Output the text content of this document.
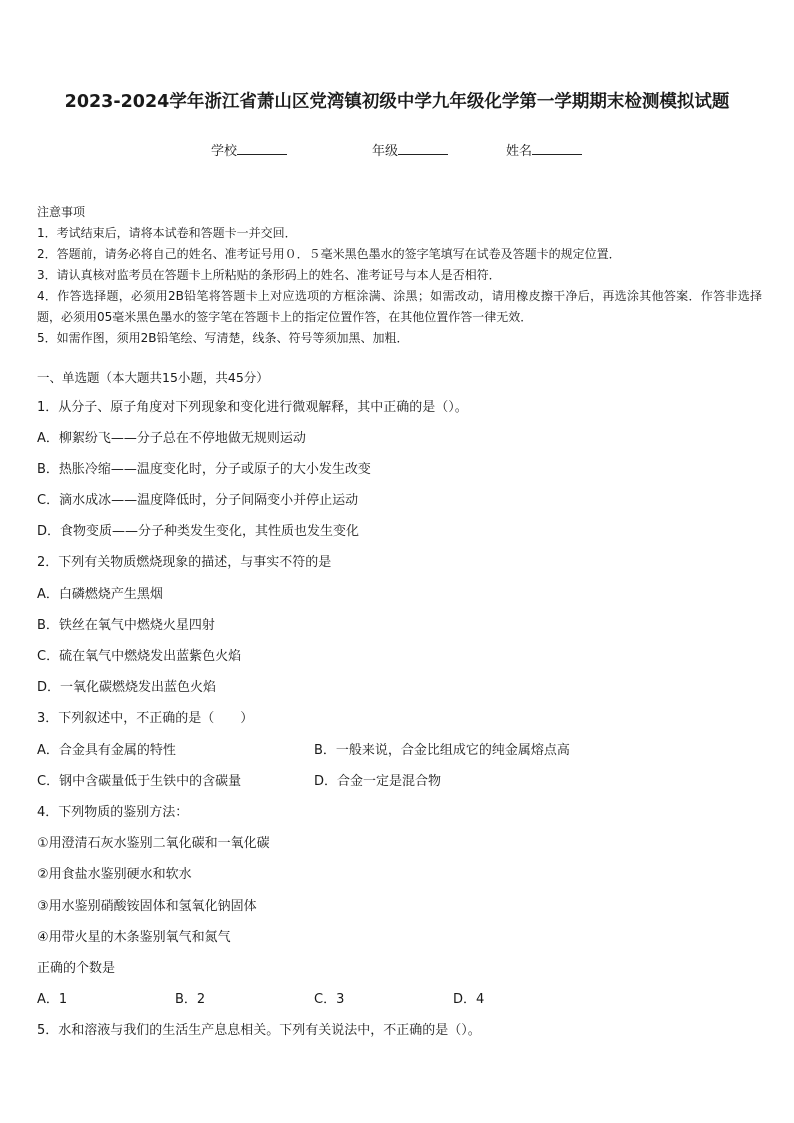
2023-2024学年浙江省萧山区党湾镇初级中学九年级化学第一学期期末检测模拟试题
学校	年级	姓名
注意事项
1．考试结束后，请将本试卷和答题卡一并交回．
2．答题前，请务必将自己的姓名、准考证号用０．５毫米黑色墨水的签字笔填写在试卷及答题卡的规定位置．
3．请认真核对监考员在答题卡上所粘贴的条形码上的姓名、准考证号与本人是否相符．
4．作答选择题，必须用2B铅笔将答题卡上对应选项的方框涂满、涂黑；如需改动，请用橡皮擦干净后，再选涂其他答案．作答非选择题，必须用05毫米黑色墨水的签字笔在答题卡上的指定位置作答，在其他位置作答一律无效．
5．如需作图，须用2B铅笔绘、写清楚，线条、符号等须加黑、加粗．
一、单选题（本大题共15小题，共45分）
1．从分子、原子角度对下列现象和变化进行微观解释，其中正确的是（）。
A．柳絮纷飞——分子总在不停地做无规则运动
B．热胀冷缩——温度变化时，分子或原子的大小发生改变
C．滴水成冰——温度降低时，分子间隔变小并停止运动
D．食物变质——分子种类发生变化，其性质也发生变化
2．下列有关物质燃烧现象的描述，与事实不符的是
A．白磷燃烧产生黑烟
B．铁丝在氧气中燃烧火星四射
C．硫在氧气中燃烧发出蓝紫色火焰
D．一氧化碳燃烧发出蓝色火焰
3．下列叙述中，不正确的是（　　）
A．合金具有金属的特性	B．一般来说，合金比组成它的纯金属熔点高
C．钢中含碳量低于生铁中的含碳量	D．合金一定是混合物
4．下列物质的鉴别方法：
①用澄清石灰水鉴别二氧化碳和一氧化碳
②用食盐水鉴别硬水和软水
③用水鉴别硝酸铵固体和氢氧化钠固体
④用带火星的木条鉴别氧气和氮气
正确的个数是
A．1	B．2	C．3	D．4
5．水和溶液与我们的生活生产息息相关。下列有关说法中，不正确的是（）。
